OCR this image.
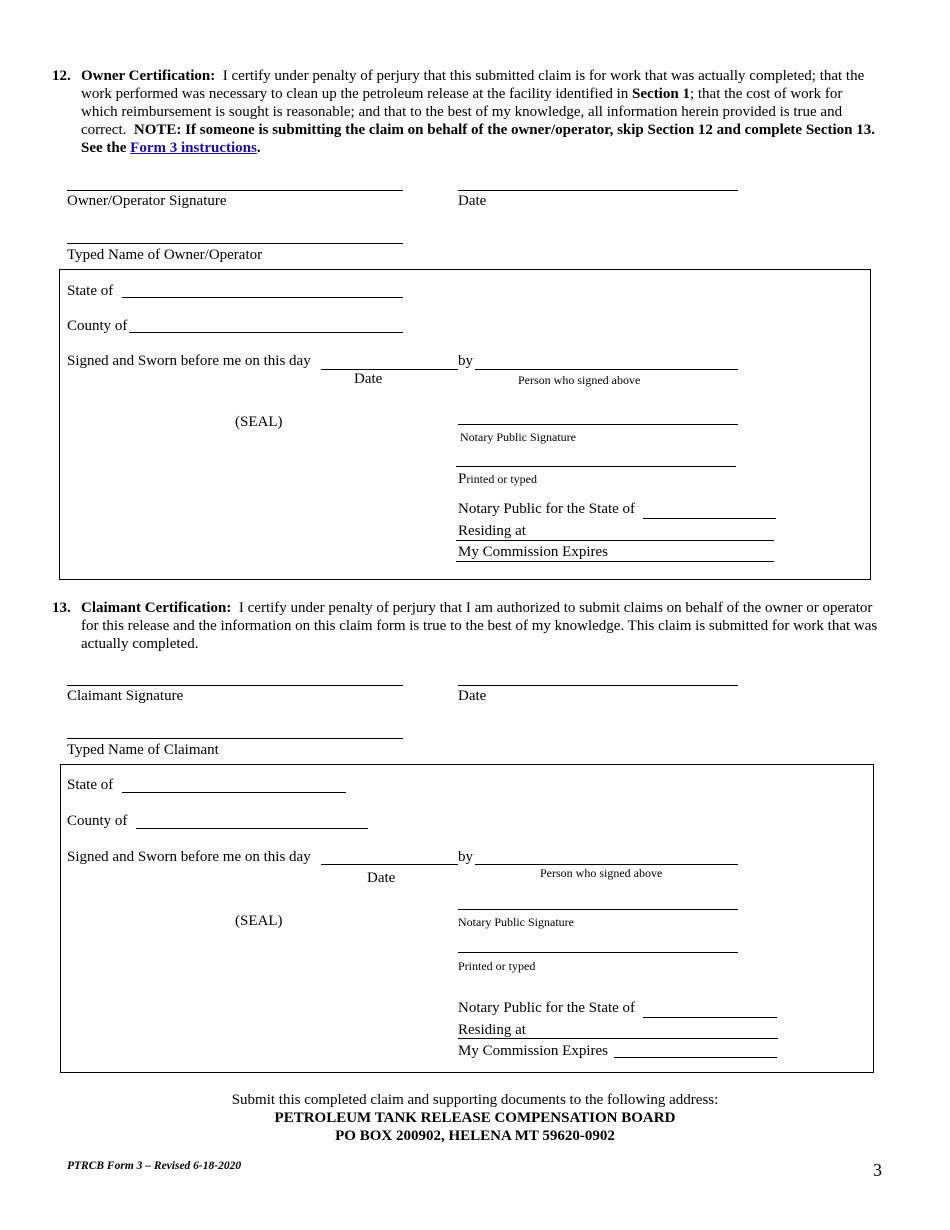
12. Owner Certification: I certify under penalty of perjury that this submitted claim is for work that was actually completed; that the work performed was necessary to clean up the petroleum release at the facility identified in Section 1; that the cost of work for which reimbursement is sought is reasonable; and that to the best of my knowledge, all information herein provided is true and correct. NOTE: If someone is submitting the claim on behalf of the owner/operator, skip Section 12 and complete Section 13. See the Form 3 instructions.
Owner/Operator Signature	Date
Typed Name of Owner/Operator
State of
County of
Signed and Sworn before me on this day
Date
by
Person who signed above
(SEAL)
Notary Public Signature
Printed or typed
Notary Public for the State of
Residing at
My Commission Expires
13. Claimant Certification: I certify under penalty of perjury that I am authorized to submit claims on behalf of the owner or operator for this release and the information on this claim form is true to the best of my knowledge. This claim is submitted for work that was actually completed.
Claimant Signature	Date
Typed Name of Claimant
State of
County of
Signed and Sworn before me on this day
Date
by
Person who signed above
(SEAL)	Notary Public Signature
Printed or typed
Notary Public for the State of
Residing at
My Commission Expires
Submit this completed claim and supporting documents to the following address:
PETROLEUM TANK RELEASE COMPENSATION BOARD
PO BOX 200902, HELENA MT 59620-0902
PTRCB Form 3 – Revised 6-18-2020	3
